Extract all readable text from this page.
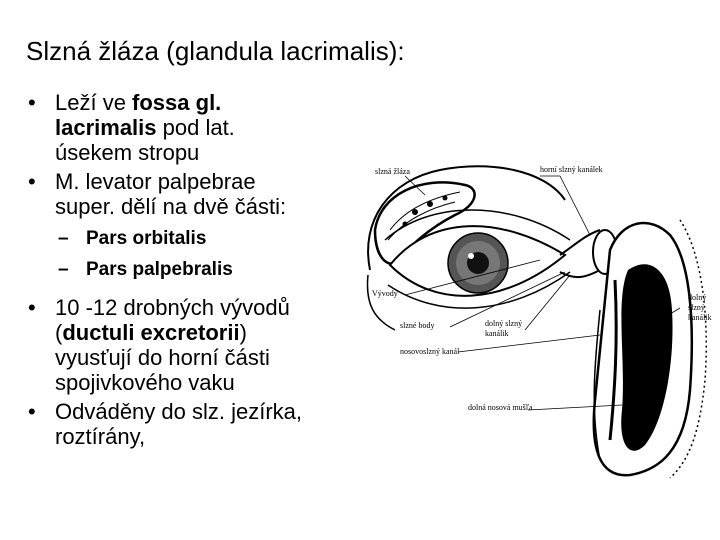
Slzná žláza (glandula lacrimalis):
• Leží ve fossa gl.
lacrimalis pod lat.
úsekem stropu
• M. levator palpebrae
super. dělí na dvě části:
– Pars orbitalis
– Pars palpebralis
• 10 -12 drobných vývodů
(ductuli excretorii)
vyusťují do horní části
spojivkového vaku
• Odváděny do slz. jezírka,
roztírány,
slzná žláza	horní slzný kanálek
Vývody
slzné body	dolný slzný
kanálik
nosovoslzný kanál
dolná nosová mušľa
dolný
slzný
kanálik
